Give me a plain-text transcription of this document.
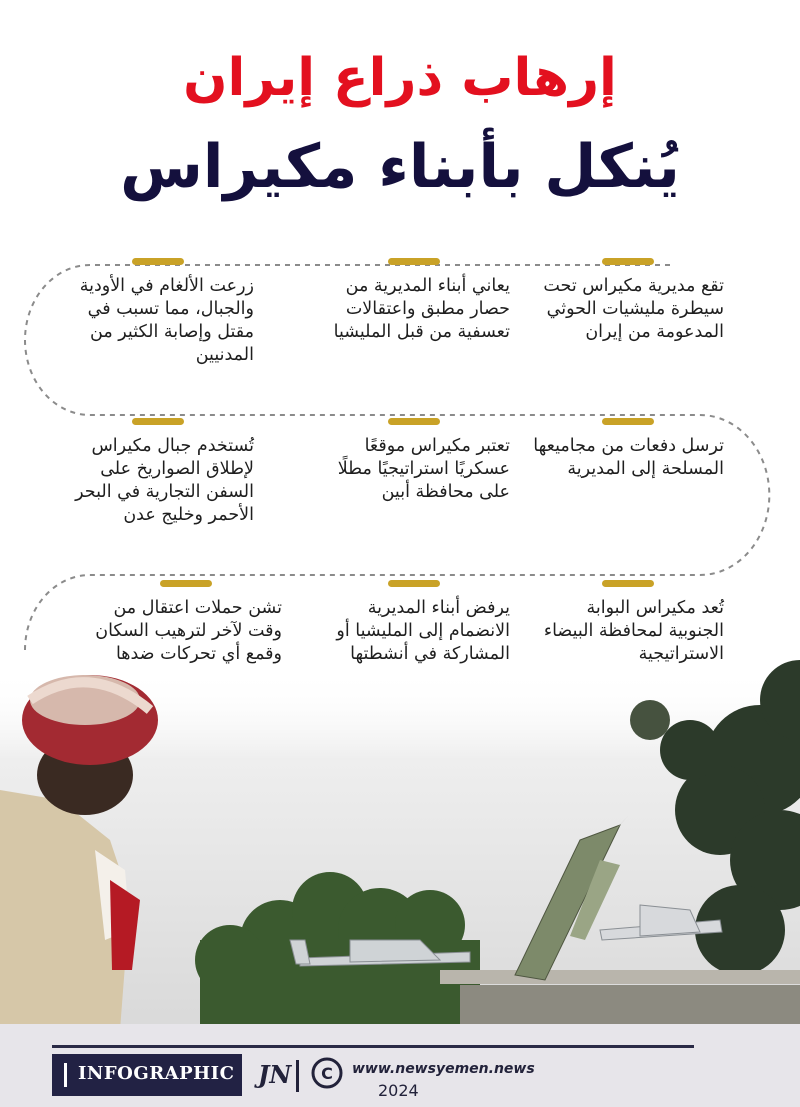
إرهاب ذراع إيران
يُنكل بأبناء مكيراس

تقع مديرية مكيراس تحت سيطرة مليشيات الحوثي المدعومة من إيران

يعاني أبناء المديرية من حصار مطبق واعتقالات تعسفية من قبل المليشيا

زرعت الألغام في الأودية والجبال، مما تسبب في مقتل وإصابة الكثير من المدنيين

ترسل دفعات من مجاميعها المسلحة إلى المديرية

تعتبر مكيراس موقعًا عسكريًا استراتيجيًا مطلًا على محافظة أبين

تُستخدم جبال مكيراس لإطلاق الصواريخ على السفن التجارية في البحر الأحمر وخليج عدن

تُعد مكيراس البوابة الجنوبية لمحافظة البيضاء الاستراتيجية

يرفض أبناء المديرية الانضمام إلى المليشيا أو المشاركة في أنشطتها

تشن حملات اعتقال من وقت لآخر لترهيب السكان وقمع أي تحركات ضدها

INFOGRAPHIC JN C www.newsyemen.news
2024
